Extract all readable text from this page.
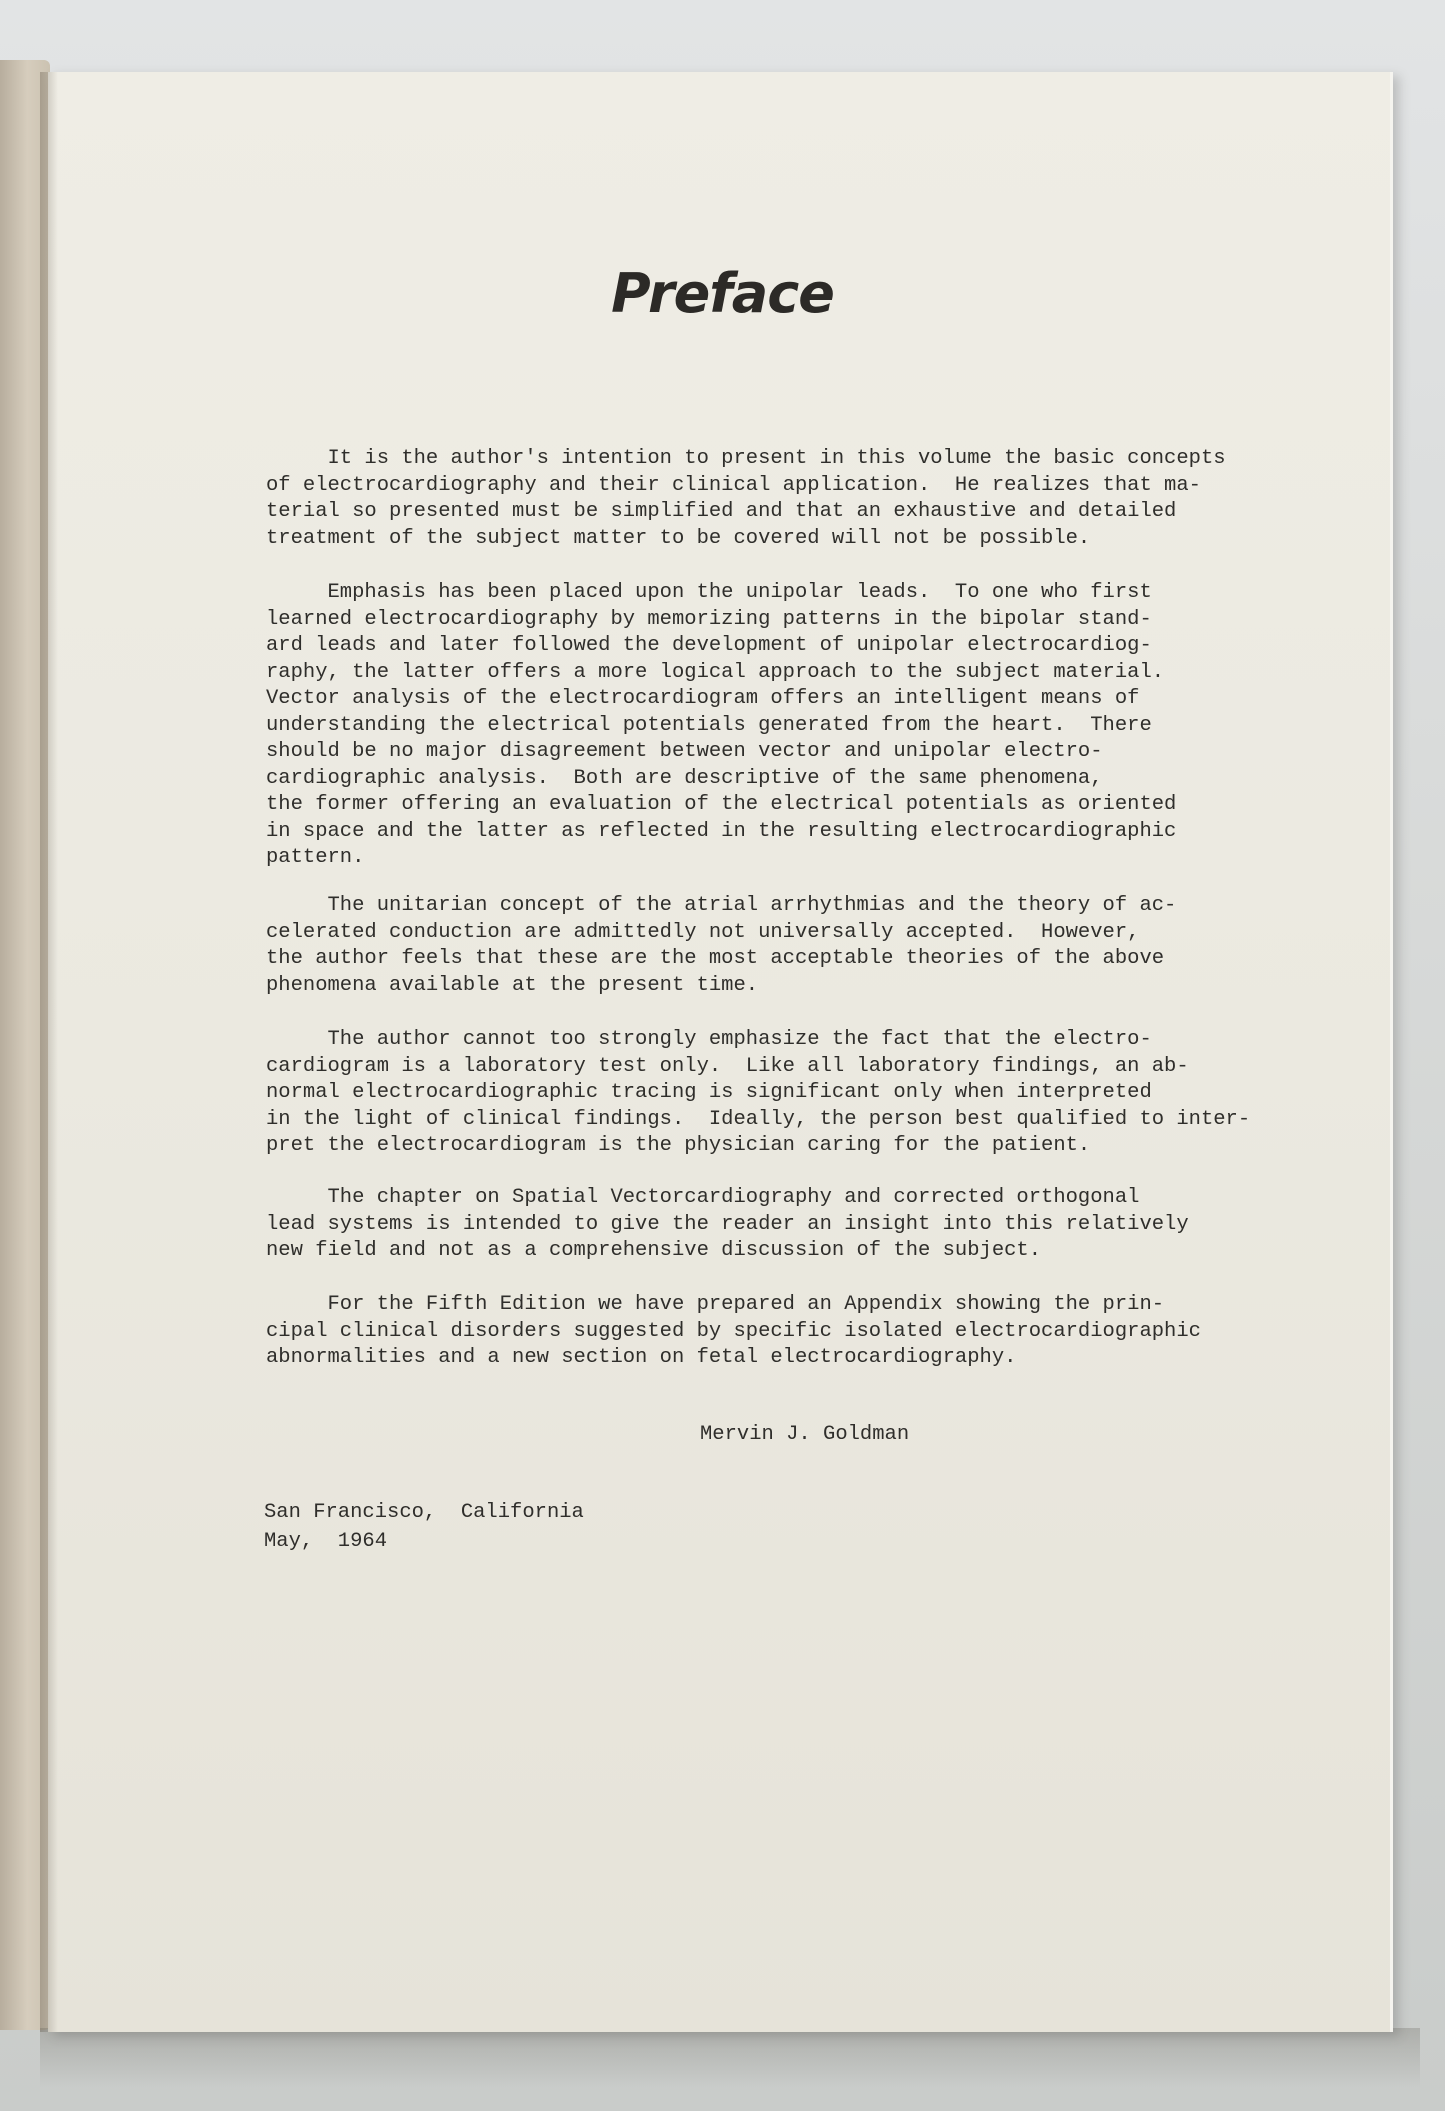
Preface

It is the author's intention to present in this volume the basic
of electrocardiography and their clinical application.  He realizes that
terial so presented must be simplified and that an exhaustive and detailed
treatment of the subject matter to be covered will not be possible.

Emphasis has been placed upon the unipolar leads.  To one who first
learned electrocardiography by memorizing patterns in the bipolar stand-
ard leads and later followed the development of unipolar electrocardiog-
raphy, the latter offers a more logical approach to the subject material.
Vector analysis of the electrocardiogram offers an intelligent means of
understanding the electrical potentials generated from the heart.  There
should be no major disagreement between vector and unipolar electro-
cardiographic analysis.  Both are descriptive of the same phenomena,
the former offering an evaluation of the electrical potentials as oriented
in space and the latter as reflected in the resulting electrocardiographic
pattern.

The unitarian concept of the atrial arrhythmias and the theory of ac-
celerated conduction are admittedly not universally accepted.  However,
the author feels that these are the most acceptable theories of the above
phenomena available at the present time.

The author cannot too strongly emphasize the fact that the electro-
cardiogram is a laboratory test only.  Like all laboratory findings, an ab-
normal electrocardiographic tracing is significant only when interpreted
in the light of clinical findings.  Ideally, the person best qualified to
pret the electrocardiogram is the physician caring for the patient.

The chapter on Spatial Vectorcardiography and corrected orthogonal
lead systems is intended to give the reader an insight into this relatively
new field and not as a comprehensive discussion of the subject.

For the Fifth Edition we have prepared an Appendix showing the prin-
cipal clinical disorders suggested by specific isolated electrocardiographic
abnormalities and a new section on fetal electrocardiography.

Mervin J. Goldman
San Francisco,  California
May,  1964
